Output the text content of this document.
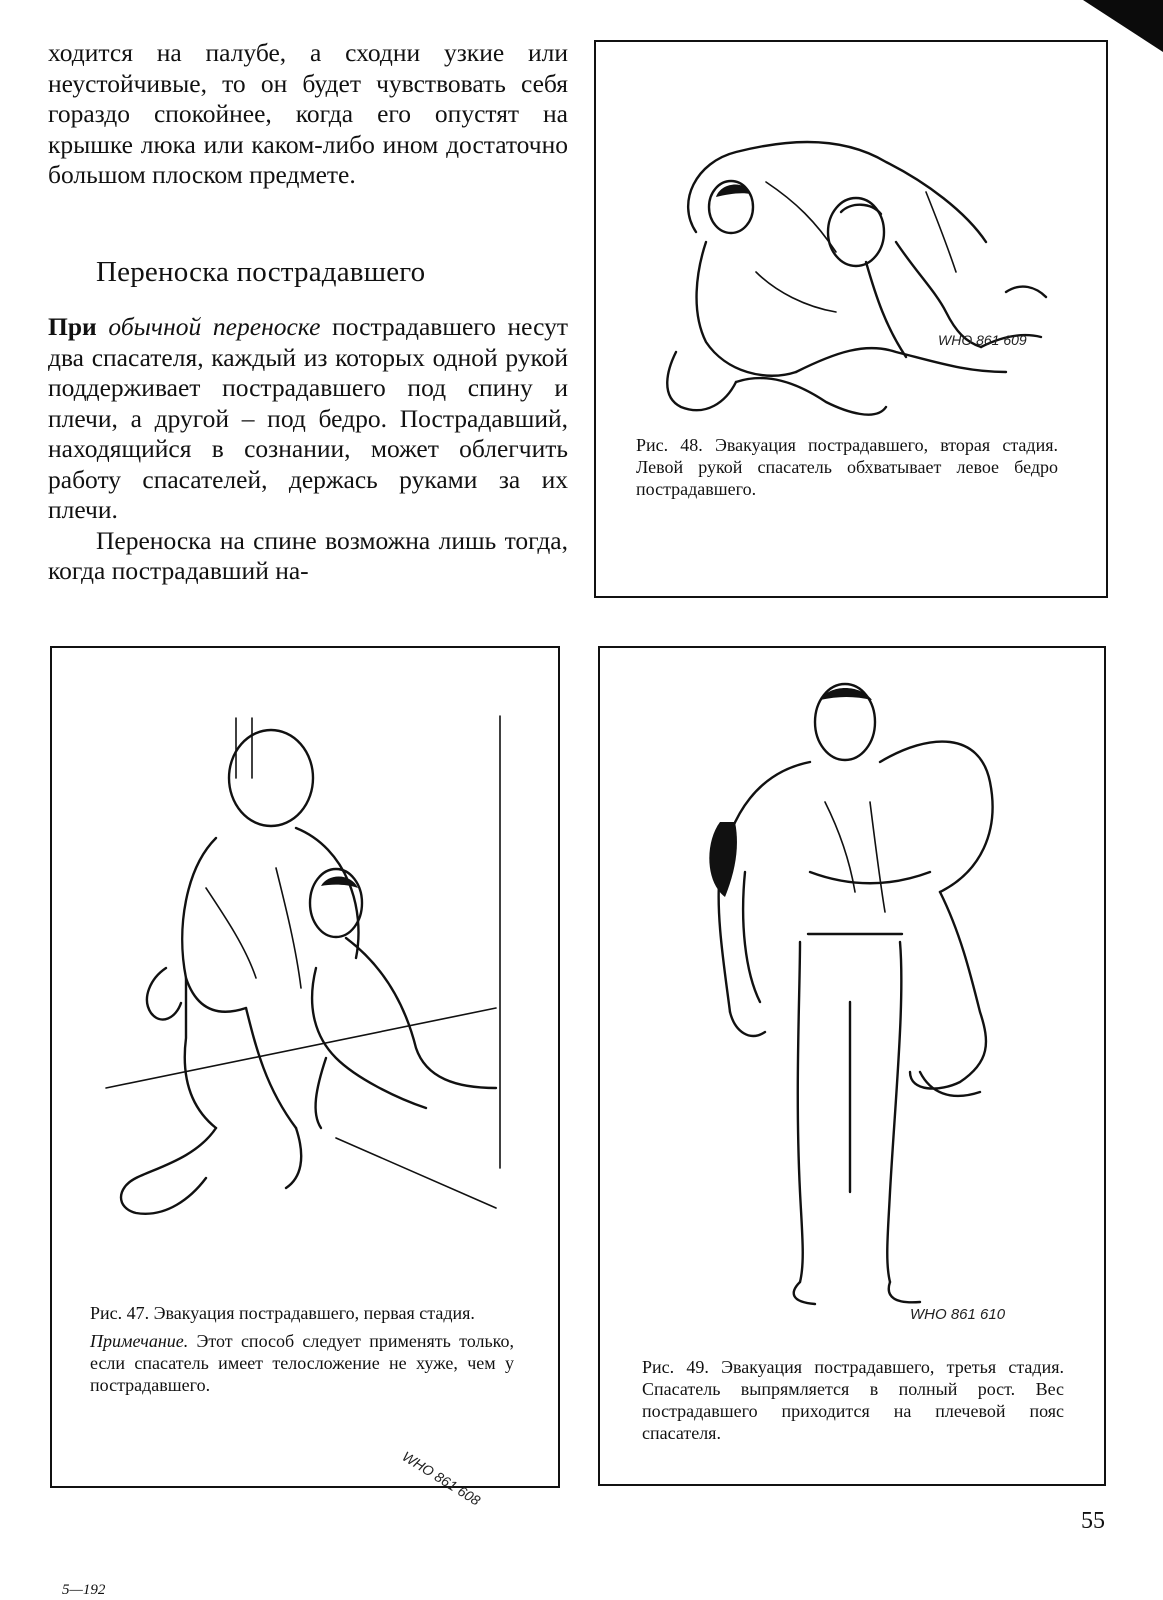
ходится на палубе, а сходни узкие или неустойчивые, то он будет чувствовать себя гораздо спокойнее, когда его опустят на крышке люка или каком-либо ином достаточно большом плоском предмете.

Переноска пострадавшего

При обычной переноске пострадавшего несут два спасателя, каждый из которых одной рукой поддерживает пострадавшего под спину и плечи, а другой – под бедро. Пострадавший, находящийся в сознании, может облегчить работу спасателей, держась руками за их плечи.

Переноска на спине возможна лишь тогда, когда пострадавший на-

WHO 861 609

Рис. 48. Эвакуация пострадавшего, вторая стадия. Левой рукой спасатель обхватывает левое бедро пострадавшего.

WHO 861 608

Рис. 47. Эвакуация пострадавшего, первая стадия.

Примечание. Этот способ следует применять только, если спасатель имеет телосложение не хуже, чем у пострадавшего.

WHO 861 610

Рис. 49. Эвакуация пострадавшего, третья стадия. Спасатель выпрямляется в полный рост. Вес пострадавшего приходится на плечевой пояс спасателя.

55
5—192
